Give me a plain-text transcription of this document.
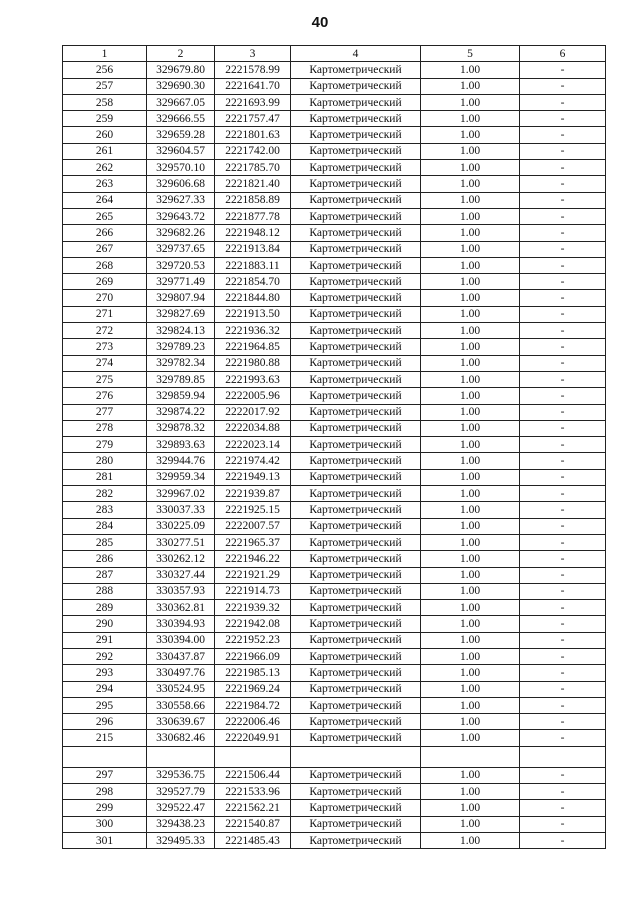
40
1	2	3	4	5	6
256	329679.80	2221578.99	Картометрический	1.00	-
257	329690.30	2221641.70	Картометрический	1.00	-
258	329667.05	2221693.99	Картометрический	1.00	-
259	329666.55	2221757.47	Картометрический	1.00	-
260	329659.28	2221801.63	Картометрический	1.00	-
261	329604.57	2221742.00	Картометрический	1.00	-
262	329570.10	2221785.70	Картометрический	1.00	-
263	329606.68	2221821.40	Картометрический	1.00	-
264	329627.33	2221858.89	Картометрический	1.00	-
265	329643.72	2221877.78	Картометрический	1.00	-
266	329682.26	2221948.12	Картометрический	1.00	-
267	329737.65	2221913.84	Картометрический	1.00	-
268	329720.53	2221883.11	Картометрический	1.00	-
269	329771.49	2221854.70	Картометрический	1.00	-
270	329807.94	2221844.80	Картометрический	1.00	-
271	329827.69	2221913.50	Картометрический	1.00	-
272	329824.13	2221936.32	Картометрический	1.00	-
273	329789.23	2221964.85	Картометрический	1.00	-
274	329782.34	2221980.88	Картометрический	1.00	-
275	329789.85	2221993.63	Картометрический	1.00	-
276	329859.94	2222005.96	Картометрический	1.00	-
277	329874.22	2222017.92	Картометрический	1.00	-
278	329878.32	2222034.88	Картометрический	1.00	-
279	329893.63	2222023.14	Картометрический	1.00	-
280	329944.76	2221974.42	Картометрический	1.00	-
281	329959.34	2221949.13	Картометрический	1.00	-
282	329967.02	2221939.87	Картометрический	1.00	-
283	330037.33	2221925.15	Картометрический	1.00	-
284	330225.09	2222007.57	Картометрический	1.00	-
285	330277.51	2221965.37	Картометрический	1.00	-
286	330262.12	2221946.22	Картометрический	1.00	-
287	330327.44	2221921.29	Картометрический	1.00	-
288	330357.93	2221914.73	Картометрический	1.00	-
289	330362.81	2221939.32	Картометрический	1.00	-
290	330394.93	2221942.08	Картометрический	1.00	-
291	330394.00	2221952.23	Картометрический	1.00	-
292	330437.87	2221966.09	Картометрический	1.00	-
293	330497.76	2221985.13	Картометрический	1.00	-
294	330524.95	2221969.24	Картометрический	1.00	-
295	330558.66	2221984.72	Картометрический	1.00	-
296	330639.67	2222006.46	Картометрический	1.00	-
215	330682.46	2222049.91	Картометрический	1.00	-

297	329536.75	2221506.44	Картометрический	1.00	-
298	329527.79	2221533.96	Картометрический	1.00	-
299	329522.47	2221562.21	Картометрический	1.00	-
300	329438.23	2221540.87	Картометрический	1.00	-
301	329495.33	2221485.43	Картометрический	1.00	-
